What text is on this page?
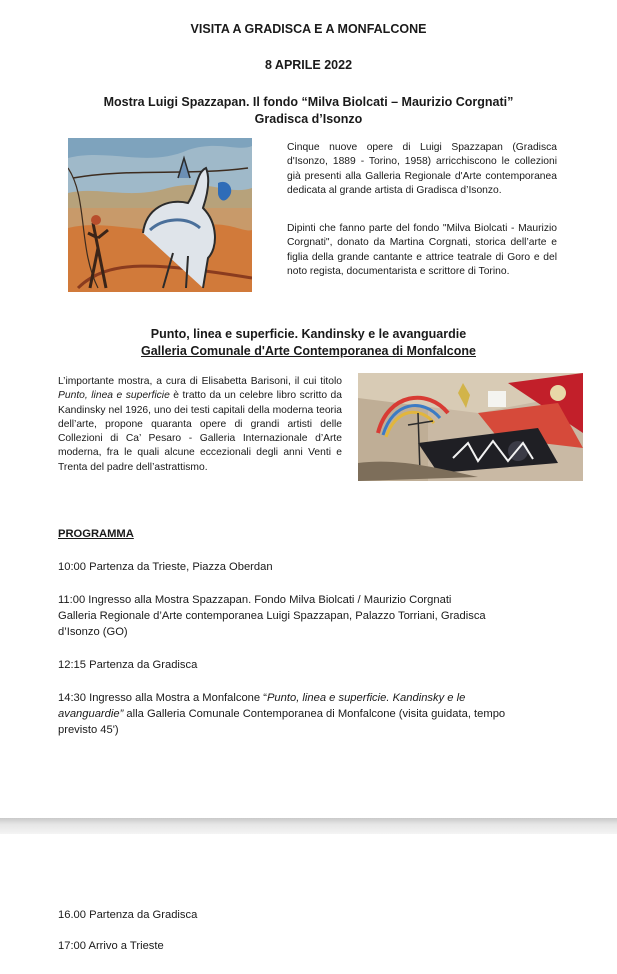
VISITA A GRADISCA E A MONFALCONE
8 APRILE 2022
Mostra Luigi Spazzapan. Il fondo “Milva Biolcati – Maurizio Corgnati”
Gradisca d’Isonzo
Cinque nuove opere di Luigi Spazzapan (Gradisca d'Isonzo, 1889 - Torino, 1958) arricchiscono le collezioni già presenti alla Galleria Regionale d'Arte contemporanea dedicata al grande artista di Gradisca d’Isonzo.
Dipinti che fanno parte del fondo "Milva Biolcati - Maurizio Corgnati", donato da Martina Corgnati, storica dell’arte e figlia della grande cantante e attrice teatrale di Goro e del noto regista, documentarista e scrittore di Torino.
Punto, linea e superficie. Kandinsky e le avanguardie
Galleria Comunale d'Arte Contemporanea di Monfalcone
L’importante mostra, a cura di Elisabetta Barisoni, il cui titolo Punto, linea e superficie è tratto da un celebre libro scritto da Kandinsky nel 1926, uno dei testi capitali della moderna teoria dell’arte, propone quaranta opere di grandi artisti delle Collezioni di Ca’ Pesaro - Galleria Internazionale d’Arte moderna, fra le quali alcune eccezionali degli anni Venti e Trenta del padre dell’astrattismo.
PROGRAMMA
10:00 Partenza da Trieste, Piazza Oberdan
11:00 Ingresso alla Mostra Spazzapan. Fondo Milva Biolcati / Maurizio Corgnati
Galleria Regionale d’Arte contemporanea Luigi Spazzapan, Palazzo Torriani, Gradisca
d’Isonzo (GO)
12:15 Partenza da Gradisca
14:30 Ingresso alla Mostra a Monfalcone “Punto, linea e superficie. Kandinsky e le
avanguardie” alla Galleria Comunale Contemporanea di Monfalcone (visita guidata, tempo
previsto 45')
16.00 Partenza da Gradisca
17:00 Arrivo a Trieste
